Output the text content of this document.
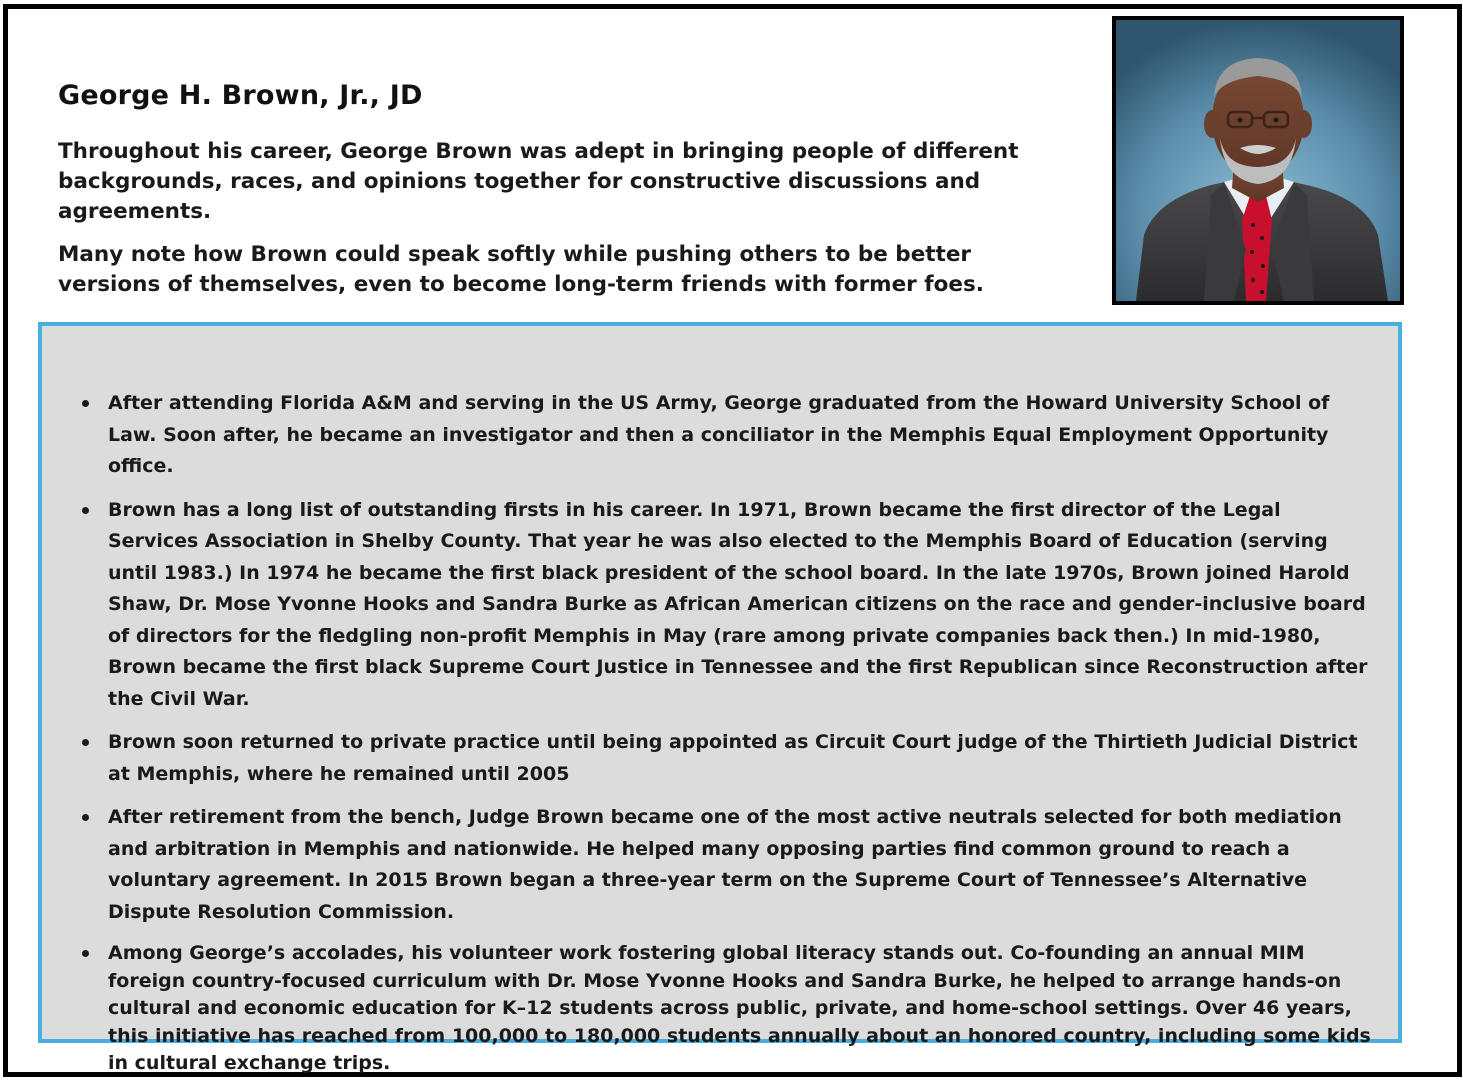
George H. Brown, Jr., JD

Throughout his career, George Brown was adept in bringing people of different backgrounds, races, and opinions together for constructive discussions and agreements.

Many note how Brown could speak softly while pushing others to be better versions of themselves, even to become long-term friends with former foes.

After attending Florida A&M and serving in the US Army, George graduated from the Howard University School of Law. Soon after, he became an investigator and then a conciliator in the Memphis Equal Employment Opportunity office.
Brown has a long list of outstanding firsts in his career. In 1971, Brown became the first director of the Legal Services Association in Shelby County. That year he was also elected to the Memphis Board of Education (serving until 1983.) In 1974 he became the first black president of the school board. In the late 1970s, Brown joined Harold Shaw, Dr. Mose Yvonne Hooks and Sandra Burke as African American citizens on the race and gender-inclusive board of directors for the fledgling non-profit Memphis in May (rare among private companies back then.) In mid-1980, Brown became the first black Supreme Court Justice in Tennessee and the first Republican since Reconstruction after the Civil War.
Brown soon returned to private practice until being appointed as Circuit Court judge of the Thirtieth Judicial District at Memphis, where he remained until 2005
After retirement from the bench, Judge Brown became one of the most active neutrals selected for both mediation and arbitration in Memphis and nationwide. He helped many opposing parties find common ground to reach a voluntary agreement. In 2015 Brown began a three-year term on the Supreme Court of Tennessee’s Alternative Dispute Resolution Commission.
Among George’s accolades, his volunteer work fostering global literacy stands out. Co-founding an annual MIM foreign country-focused curriculum with Dr. Mose Yvonne Hooks and Sandra Burke, he helped to arrange hands-on cultural and economic education for K–12 students across public, private, and home-school settings. Over 46 years, this initiative has reached from 100,000 to 180,000 students annually about an honored country, including some kids in cultural exchange trips.
